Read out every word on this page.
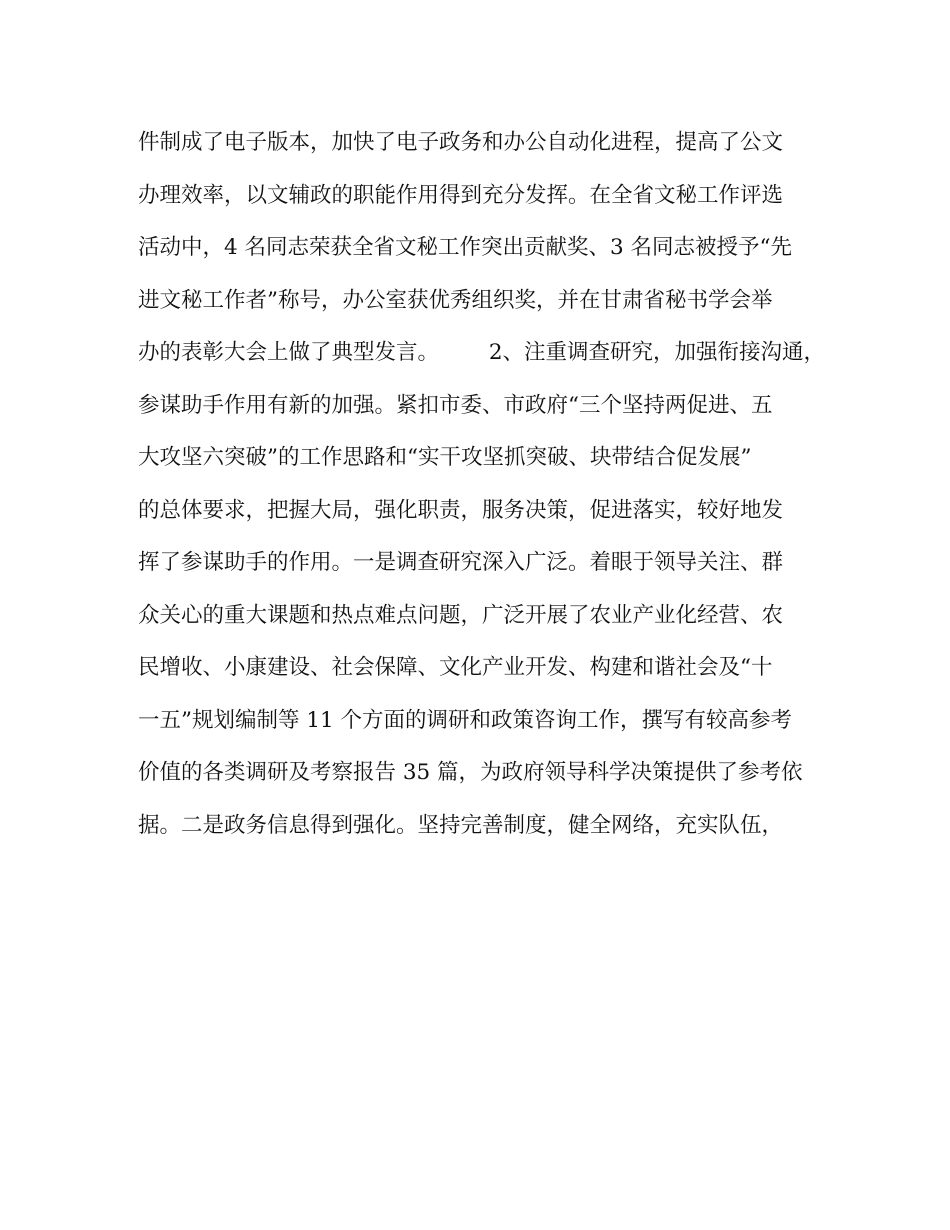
件制成了电子版本，加快了电子政务和办公自动化进程，提高了公文
办理效率，以文辅政的职能作用得到充分发挥。在全省文秘工作评选
活动中，4 名同志荣获全省文秘工作突出贡献奖、3 名同志被授予“先
进文秘工作者”称号，办公室获优秀组织奖，并在甘肃省秘书学会举
办的表彰大会上做了典型发言。 　　2、注重调查研究，加强衔接沟通，
参谋助手作用有新的加强。紧扣市委、市政府“三个坚持两促进、五
大攻坚六突破”的工作思路和“实干攻坚抓突破、块带结合促发展”
的总体要求，把握大局，强化职责，服务决策，促进落实，较好地发
挥了参谋助手的作用。一是调查研究深入广泛。着眼于领导关注、群
众关心的重大课题和热点难点问题，广泛开展了农业产业化经营、农
民增收、小康建设、社会保障、文化产业开发、构建和谐社会及“十
一五”规划编制等 11 个方面的调研和政策咨询工作，撰写有较高参考
价值的各类调研及考察报告 35 篇，为政府领导科学决策提供了参考依
据。二是政务信息得到强化。坚持完善制度，健全网络，充实队伍，
